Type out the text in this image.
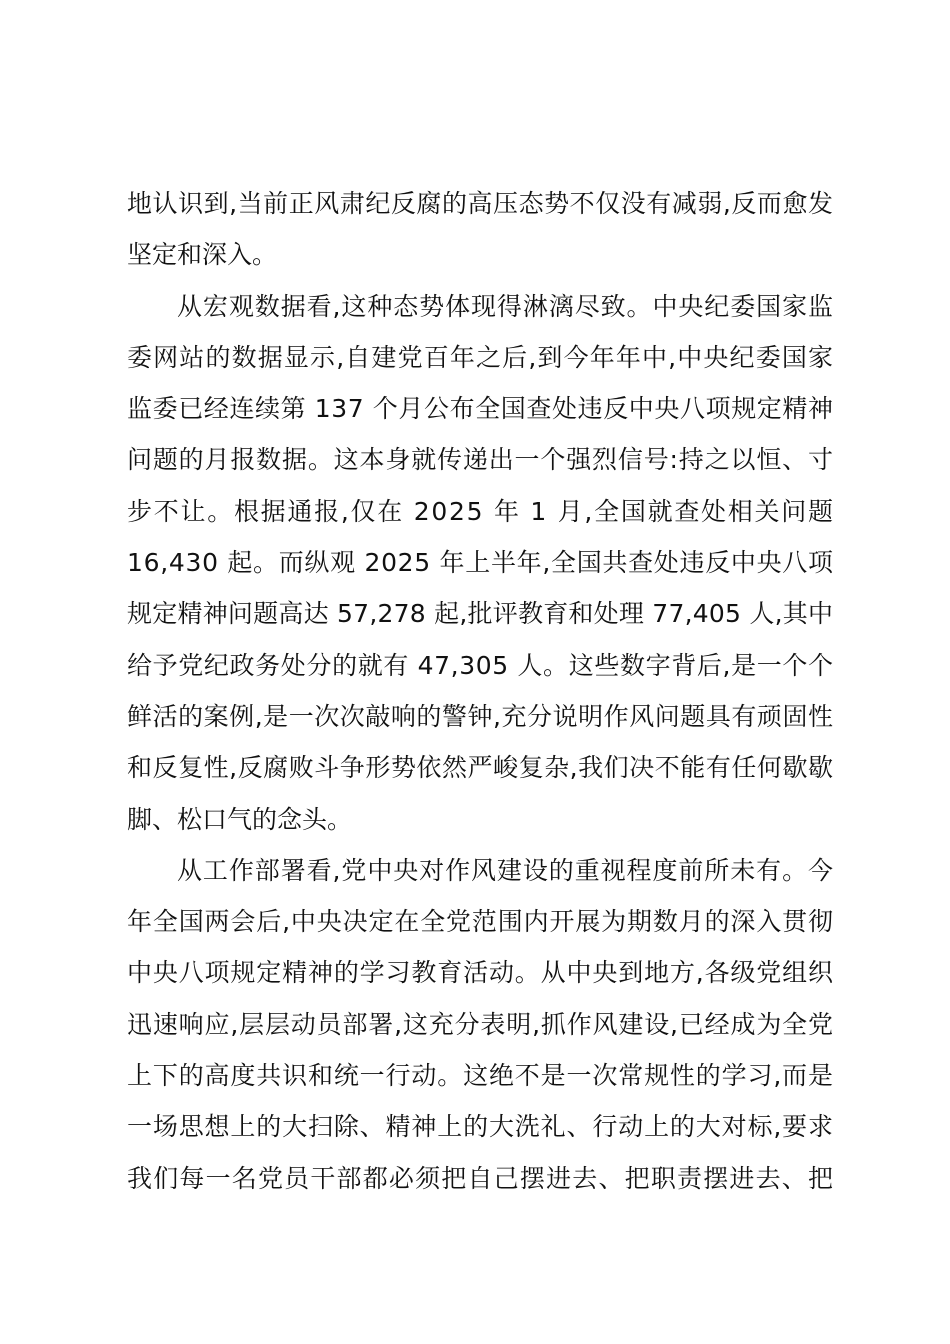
地认识到,当前正风肃纪反腐的高压态势不仅没有减弱,反而愈发
坚定和深入。
从宏观数据看,这种态势体现得淋漓尽致。中央纪委国家监
委网站的数据显示,自建党百年之后,到今年年中,中央纪委国家
监委已经连续第 137 个月公布全国查处违反中央八项规定精神
问题的月报数据。这本身就传递出一个强烈信号:持之以恒、寸
步不让。根据通报,仅在 2025 年 1 月,全国就查处相关问题
16,430 起。而纵观 2025 年上半年,全国共查处违反中央八项
规定精神问题高达 57,278 起,批评教育和处理 77,405 人,其中
给予党纪政务处分的就有 47,305 人。这些数字背后,是一个个
鲜活的案例,是一次次敲响的警钟,充分说明作风问题具有顽固性
和反复性,反腐败斗争形势依然严峻复杂,我们决不能有任何歇歇
脚、松口气的念头。
从工作部署看,党中央对作风建设的重视程度前所未有。今
年全国两会后,中央决定在全党范围内开展为期数月的深入贯彻
中央八项规定精神的学习教育活动。从中央到地方,各级党组织
迅速响应,层层动员部署,这充分表明,抓作风建设,已经成为全党
上下的高度共识和统一行动。这绝不是一次常规性的学习,而是
一场思想上的大扫除、精神上的大洗礼、行动上的大对标,要求
我们每一名党员干部都必须把自己摆进去、把职责摆进去、把
